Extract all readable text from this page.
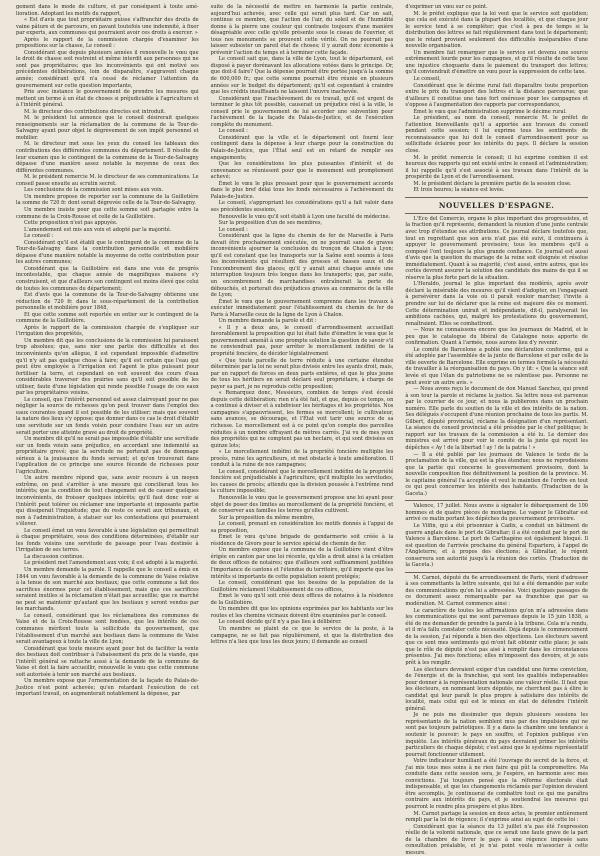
gement dans le mode de culture, et par conséquent à toute amé-lioration. Adoptant les motifs du rapport,

« Est d'avis que tout propriétaire puisse s'affranchir des droits de vaine pâture et de parcours, en pavant toutefois une indemnité, à fixer par experts, aux communes qui pourraient avoir ces droits à exercer. »

Après le rapport de la commission chargée d'examiner les propositions sur la chasse, Le conseil :

Considérant que depuis plusieurs années il renouvelle le vœu que le droit de chasse soit restreint et même interdit aux personnes qui ne sont pas propriétaires; que les inconvénients qui ont motivé ses précédentes délibérations, loin de disparaître, s'aggravent chaque année; considérant qu'il n'a cessé de réclamer l'attention du gouvernement sur cette question importante,

Prie avec instance le gouvernement de prendre les mesures qui mettent un terme à un état de choses si préjudiciable à l'agriculture et à l'intérêt général.

M. le directeur des contributions directes est introduit.

M. le président lui annonce que le conseil désirerait quelques renseignements sur la réclamation de la commune de la Tour-de-Salvagny ayant pour objet le dégrèvement de son impôt personnel et mobilier.

M. le directeur met sous les yeux du conseil les tableaux des contributions des différentes communes du département. Il résulte de leur examen que le contingent de la commune de la Tour-de-Salvagny dépasse d'une manière assez notable la moyenne de ceux des différentes communes.

M. le président remercie M. le directeur de ses communications. Le conseil passe ensuite au scrutin secret.

Les conclusions de la commission sont mises aux voix.

Un membre propose de reporter sur la commune de la Guillotière la somme de 720 fr. dont serait dégrevée celle de la Tour-de-Salvagny.

Un membre insiste pour que cette somme soit partagée entre la commune de la Croix-Rousse et celle de la Guillotière.

Cette proposition n'est pas appuyée.

L'amendement est mis aux voix et adopté par la majorité.

Le conseil :

Considérant qu'il est établi que le contingent de la commune de la Tour-de-Salvagny dans la contribution personnelle et mobilière dépasse d'une manière notable la moyenne de cette contribution pour les autres communes;

Considérant que la Guillotière est dans une voie de progrès incontestable, que chaque année de magnifiques maisons s'y construisent, et que d'ailleurs son contingent est moins élevé que celui de toutes les communes du département;

Est d'avis que la commune de la Tour-de-Salvagny obtienne une réduction de 720 fr. dans le sous-répartement de la contribution personnelle et mobilière pour 1848,

Et que cette somme soit reportée en entier sur le contingent de la commune de la Guillotière.

Après le rapport de la commission chargée de s'expliquer sur l'irrigation des propriétés,

Un membre dit que les conclusions de la commission lui paraissent trop absolues; que, sans nier une partie des difficultés et des inconvénients qu'on allègue, il est cependant impossible d'admettre qu'il n'y ait pas quelque chose à faire; qu'il est certain que l'eau qui peut être employée à l'irrigation est l'agent le plus puissant pour fertiliser la terre, et cependant on voit souvent des cours d'eau considérables traverser des prairies sans qu'il soit possible de les utiliser, faute d'une législation qui rende possible l'usage de ces eaux par les propriétaires voisins.

Le conseil, que l'intérêt personnel est assez clairvoyant pour ne pas négliger la source de richesses qu'on peut trouver dans l'emploi des eaux courantes quand il est possible de les utiliser; mais que souvent la nature des lieux s'y oppose; que donner dans ce cas le droit d'établir une servitude sur un fonds voisin pour conduire l'eau sur un autre serait porter une atteinte grave au droit de propriété.

Un membre dit qu'il ne serait pas impossible d'établir une servitude sur un fonds voisin sans préjudice, en accordant une indemnité au propriétaire grevé; que la servitude ne porterait pas de dommage sérieux à la jouissance du fonds servant; et qu'on trouverait dans l'application de ce principe une source féconde de richesses pour l'agriculture.

Un autre membre répond que, sans avoir recours à un moyen extrême, on peut s'arrêter à une mesure qui concilierait tous les intérêts; que la condition de tout changement est de causer quelques inconvénients, de froisser quelques intérêts; qu'il faut donc voir si l'intérêt peut tolérer ou réclamer une importante et imposante partie qui dissiperait l'inquiétude; que du reste ce serait aux tribunaux, et non à l'administration, à statuer sur les contestations qui pourraient s'élever.

Le conseil émet un vœu favorable à une législation qui permettrait à chaque propriétaire, sous des conditions déterminées, d'établir sur les fonds voisins une servitude de passage pour l'eau destinée à l'irrigation de ses terres.

La discussion continue.

Le président met l'amendement aux voix; il est adopté à la majorité.

Un membre demande la parole. Il rappelle que le conseil a émis en 1844 un vœu favorable à la demande de la commune de Vaise relative à la tenue de son marché aux bestiaux; que cette commune a fait des sacrifices énormes pour cet établissement, mais que ces sacrifices seraient inutiles si la réclamation n'était pas accueillie; que ce marché ne peut se maintenir qu'autant que les bestiaux y seront vendus par les marchands.

Le conseil, considérant que les réclamations des communes de Vaise et de la Croix-Rousse sont fondées, que les intérêts de ces communes méritent toute la sollicitude du gouvernement, que l'établissement d'un marché aux bestiaux dans la commune de Vaise serait avantageux à toute la ville de Lyon;

Considérant que toute mesure ayant pour but de faciliter la vente des bestiaux doit contribuer à l'abaissement du prix de la viande, que l'intérêt général se rattache aussi à la demande de la commune de Vaise et doit la faire accueillir, renouvelle le vœu que cette commune soit autorisée à tenir son marché aux bestiaux.

Un membre expose que l'ornementation de la façade du Palais-de-Justice n'est point achevée; qu'en retardant l'exécution de cet important travail, on augmenterait notablement la dépense, par

suite de la nécessité de mettre en harmonie la partie centrale, aujourd'hui achevée, avec celle qui serait plus tard. Car on sait, continue ce membre, que l'action de l'air, du soleil et de l'humidité donne à la pierre une couleur qui contraste toujours d'une manière désagréable avec celle qu'elle présente sous le ciseau de l'ouvrier, et tous nos monuments se prouvent cette vérité. On ne pourrait pas laisser subsister un pareil état de choses; il y aurait donc économie à prévenir l'action du temps et à terminer cette façade.

Le conseil sait que, dans la ville de Lyon, tout le département, est disposé à payer dorénavant les allocations votées dans le principe. Or, que doit-il faire? Que la dépense pourrait être portée jusqu'à la somme de 600,000 fr.; que cette somme pourrait être réunie en plusieurs années sur le budget du département; qu'il est cependant à craindre que les crédits insuffisants ne laissent l'œuvre inachevée.

Considérant que l'inachèvement de ce travail, qu'il est urgent de terminer le plus tôt possible, causerait un préjudice réel à la ville, le conseil prie le gouvernement de lui accorder une subvention pour l'achèvement de la façade du Palais-de-Justice, et de l'exécution complète du monument.

Le conseil :

Considérant que la ville et le département ont fourni leur contingent dans la dépense à leur charge pour la construction du Palais-de-Justice, que l'État seul est en retard de remplir ses engagements;

Que les considérations les plus puissantes d'intérêt et de convenance se réunissent pour que le monument soit promptement achevé;

Émet le vœu le plus pressant pour que le gouvernement accorde dans le plus bref délai tous les fonds nécessaires à l'achèvement du Palais-de-Justice.

Le conseil, s'appropriant les considérations qu'il a fait valoir dans ses précédentes sessions,

Renouvelle le vœu qu'il soit établi à Lyon une faculté de médecine.

Sur la proposition d'un de ses membres,

Le conseil :

Considérant que la ligne du chemin de fer de Marseille à Paris devait être prochainement exécutée, on ne pourrait sans de graves inconvénients ajourner la conclusion du tronçon de Chalon à Lyon; qu'il est constant que les transports sur la Saône sont soumis à tous les inconvénients qui résultent des grosses et basses eaux et de l'encombrement des glaces; qu'il y aurait ainsi chaque année une interruption toujours très longue dans les transports; que, par suite, un encombrement de marchandises entraînerait la perte de débouchés, et porterait des préjudices graves au commerce de la ville de Lyon;

Émet le vœu que le gouvernement comprenne dans les travaux à exécuter immédiatement pour l'établissement du chemin de fer de Paris à Marseille ceux de la ligne de Lyon à Chalon.

Un membre demande la parole et dit :

« Il y a deux ans, le conseil d'arrondissement accueillait favorablement la proposition qui lui était faite d'émettre le vœu que le gouvernement amenât à une prompte solution la question de savoir s'il ne conviendrait pas, pour arrêter le morcellement indéfini de la propriété foncière, de décider législativement

« Que toute parcelle de terre réduite à une certaine étendue déterminée par la loi ne serait plus divisée entre les ayants droit, mais, par un rapport de forces en deux parts entières, et que le plus jeune de tous les héritiers en serait déclaré seul propriétaire, à charge de payer sa part, je ne reproduis cette proposition;

« Remarquez donc, Messieurs, combien de temps s'est écoulé depuis cette délibération; rien n'a été fait, et que, depuis ce temps, on a continué à diviser et à subdiviser les héritages et les propriétés. Nos campagnes s'appauvrissent, les fermes se morcellent; le cultivateur, sans avances, se décourage, et l'État voit tarir une source de sa richesse. Le morcellement est à ce point qu'on compte des parcelles réduites à un nombre effrayant de mètres carrés. J'ai vu de mes yeux des propriétés qui ne comptent pas un hectare, et qui sont divisées en quinze lots;

« Le morcellement indéfini de la propriété foncière multiplie les procès, ruine les agriculteurs, et met obstacle à toute amélioration. Il conduit à la ruine de nos campagnes;

Le conseil, considérant que le morcellement indéfini de la propriété foncière est préjudiciable à l'agriculture, qu'il multiplie les servitudes, les causes de procès; attendu que la division poussée à l'extrême rend la culture impossible;

Renouvelle le vœu que le gouvernement propose une loi ayant pour objet de poser des limites au morcellement de la propriété foncière, et de conserver aux familles les terres qu'elles cultivent.

Sur la proposition du même membre,

Le conseil, prenant en considération les motifs donnés à l'appui de sa proposition,

Émet le vœu qu'une brigade de gendarmerie soit créée à la résidence de Givors pour le service spécial de chemin de fer.

Un membre expose que la commune de la Guillotière vient d'être érigée en canton par une loi récente, qu'elle a droit ainsi à la création de deux offices de notaires; que d'ailleurs sont suffisamment justifiées l'importance de cantons et l'étendue du territoire, qu'il importe que les intérêts si importants de cette population soient protégés;

Le conseil, considérant que les besoins de la population de la Guillotière réclament l'établissement de ces offices,

Émet le vœu qu'il soit créé deux offices de notaires à la résidence de la Guillotière.

Un membre dit que les opinions exprimées par les habitants sur les routes et les chemins vicinaux doivent être examinées par le conseil.

Le conseil décide qu'il n'y a pas lieu à délibérer.

Un membre se plaint de ce que le service de la poste, à la campagne, ne se fait pas régulièrement, et que la distribution des lettres n'a lieu que tous les deux jours; il demande au conseil

d'exprimer un vœu sur ce point.

M. le préfet explique que la loi veut que le service soit quotidien; que cela est exécuté dans la plupart des localités, et que chaque jour le service tend à se compléter; que c'est à peu de temps si la distribution des lettres se fait régulièrement dans tout le département; que le retard provient seulement des difficultés inséparables d'une nouvelle organisation.

Un membre fait remarquer que le service est devenu une source extrêmement lourde pour les campagnes, et qu'il résulte de cette taxe une injustice choquante dans le paiement du transport des lettres; qu'il conviendrait d'émettre un vœu pour la suppression de cette taxe.

Le conseil,

Considérant que le décime rural fait disparaître toute proportion entre le prix du transport des lettres et la distance parcourue; que d'ailleurs il constitue une taxe fort onéreuse pour les campagnes et s'oppose à l'augmentation des rapports par correspondance,

Émet le vœu que l'administration supprime le décime rural.

Le président, au nom du conseil, remercie M. le préfet de l'attention bienveillante qu'il a apportée aux travaux du conseil pendant cette session; il lui exprime tous les sentiments de reconnaissance que lui doit le conseil d'arrondissement pour sa sollicitude éclairée pour les intérêts du pays. Il déclare la session close.

M. le préfet remercie le conseil; il lui exprime combien il est heureux des rapports qui ont existé entre le conseil et l'administration; il lui rappelle qu'il s'est associé à ses travaux dans l'intérêt de la prospérité de Lyon et de l'arrondissement.

M. le président déclare la première partie de la session close.

Et trois heures; la séance est levée.

NOUVELLES D'ESPAGNE.

L'Eco del Comercio, organe le plus important des progressistes, et la fraction qu'il représente, demandent la réunion d'une junte centrale avec trop d'étendue ses attributions. Ce journal déclare toutefois que, tout en regrettant que son avis n'ait pas été suivi, il continuera à appuyer le gouvernement provisoire; tous les membres qu'il a composé l'ont toujours la plus grande confiance. Ce journal est aussi d'avis que la question du mariage de la reine soit éloignée et résolue immédiatement. Quant à sa majorité, c'est aussi, entre autres, que les cortès devront assurer la solution des candidats des mains de qui il se réserve la plus forte part de la situation.

L'Heraldo, journal le plus important des modérés, après avoir déclaré la misérable des mesures qu'il vient d'adopter, en l'engageant à persévérer dans la voie où il paraît vouloir marcher, l'invite à prendre sur lui de déclarer que la reine est majeure dès ce moment. Cette détermination unirait et indépendante, dit-il, paralyserait les ambitions cachées, qui, malgré les protestations du gouvernement, renaîtraient. Elles se combattront.

— Nous ne connaissons encore que les journaux de Madrid, et le peu que le catalogue du libéral de Catalogne nous apporte de confirmation. Quant à l'armée, nous aurons lieu d'y revenir.

Le comité de Barcelone a publié une déclaration conforme, qui a été adoptée par l'assemblée de la junte de Barcelone et par celle de la ville ouverte de Barcelone. Elle exprime en termes formels la nécessité de travailler à la réorganisation du pays. On y lit: « Que la séance soit levée et que l'élan du patriotisme ne se ralentisse pas. Personne ne peut avoir un autre avis. »

— Nous avons reçu le document de don Manuel Sanchez, qui prend à son tour la parole et réclame la justice. Sa lettre nous est parvenue par le courrier de ce jour, et nous la publierons dans un prochain numéro. Elle parle du soutien de la ville et des intérêts de la nation. Ses délégués s'occupent d'une réunion prochaine de tous les partis. M. Gilbert, député provincial, réclame la désignation d'un représentant. La séance du conseil provincial a été présidée par le chef politique; le rapport sur les travaux de la commission a été lu. Le dernier des ministres est arrivé pour voir le comité de la junte qui reçoit les dépêches « Ay ! de la libertad ! ay ! de la patria ! »

— Il a été publié par les journaux de Valence le texte de la proclamation de la ville, qui est la plus étendue; nous ne reproduisons que la partie qui concerne le gouvernement provisoire, dont la nouvelle composition fixe définitivement la position de la province. M. le capitaine général l'a acceptée et veut le maintien de l'ordre en tout ce qui peut concerner les intérêts des habitants. (Traduction de la Gaceta.)

Valence, 17 juillet. Nous avons à signaler le débarquement de 100 hommes et de quatre pièces de montagne. Le vapeur le Gibraltar est arrivé ce matin portant les dépêches du gouvernement provisoire.

Le Vilfin, qui a été prisonnier à Cadix, a conduit un bâtiment de guerre anglais dans le port de Gibraltar; il a été conduit par le port de Valence à Barcelone. Le port de Carthagène est également bloqué. Il est question de l'arrivée prochaine du général Espartero, à l'appel de l'Angleterre, et à propos des élections; à Gibraltar, le régent conservera son autorité jusqu'à la réunion des cortès. (Traduction de la Gaceta.)

M. Carnot, député du 6e arrondissement de Paris, vient d'adresser à ses commettants la lettre suivante, qui lui a été demandée par suite des communications qu'on lui a adressées. Voici quelques passages de ce document assez remarquable par sa franchise que par sa modération. M. Carnot commence ainsi :

Le caractère de toutes les affirmations qu'on m'a adressées dans les communications qui me sont parvenues depuis le 15 juin 1838, a été de me demander de prendre la parole à la tribune. Cela m'a rendu, et il m'a fallu constater cette nécessité. Déjà depuis le commencement de la session, j'ai répondu à bien des objections. Les électeurs savent que ce sont mes sentiments qui m'ont fait obtenir cette place; je sais que le rôle de député n'est pas aisé à remplir dans les circonstances présentes. J'ai mes fonctions; elles m'imposent des devoirs, et je suis prêt à les remplir.

Les électeurs devraient exiger d'un candidat une ferme conviction, de l'énergie et de la franchise, qui sont les qualités indispensables pour donner à la représentation nationale une valeur réelle. Il faut que les électeurs, en nommant leurs députés, ne cherchent pas à élire le candidat qui leur paraît le plus propre à satisfaire des intérêts de localité, mais celui qui est le mieux en état de défendre l'intérêt général.

Je ne puis me dissimuler que depuis plusieurs sessions les représentants de la nation semblent mus par des impulsions qui ne sont pas toujours patriotiques. Il y a dans la chambre une tendance à soutenir le pouvoir; le pays en souffre, et l'opinion publique s'en inquiète. Les intérêts généraux du pays devraient primer les intérêts particuliers de chaque député; c'est ainsi que le système représentatif pourrait fonctionner utilement.

Votre indicateur humiliant a été l'ouvrage du secret de la force, et j'ai mis tous mes soins à ne rien faire qui pût la compromettre. Ma conduite dans cette session sera, je l'espère, en harmonie avec mes convictions. J'ai toujours pensé que la réforme électorale était indispensable, et que les changements réclamés par l'opinion devaient être accomplis. Je continuerai de combattre tout ce qui me paraîtra contraire aux intérêts du pays, et je soutiendrai les mesures qui pourront le rendre plus prospère et plus libre.

M. Carnot partage la session en deux actes, le premier entièrement rempli par la loi de régence; il s'exprime ainsi au sujet de cette loi :

Considérant que la séance du 13 juillet n'a pas été l'expression réelle de la volonté nationale, que ce serait une faute grave de la part de la chambre de livrer le pays à une régence imposée sans consultation préalable, et je n'ai point voulu m'associer à cette mesure.
